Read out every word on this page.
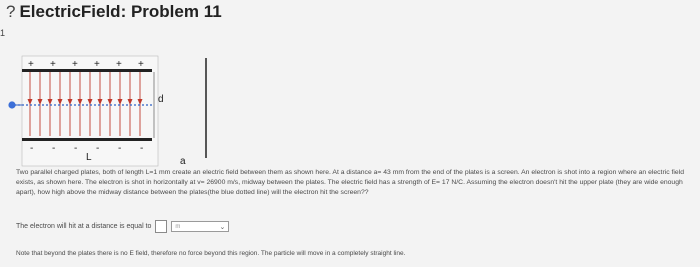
? ElectricField: Problem 11
1
+ + + + + +
- - - - - -
d
L	a
Two parallel charged plates, both of length L=1 mm create an electric field between them as shown here. At a distance a= 43 mm from the end of the plates is a screen. An electron is shot into a region where an electric field exists, as shown here. The electron is shot in horizontally at v= 26900 m/s, midway between the plates. The electric field has a strength of E= 17 N/C. Assuming the electron doesn't hit the upper plate (they are wide enough apart), how high above the midway distance between the plates(the blue dotted line) will the electron hit the screen??
The electron will hit at a distance is equal to	m	⌄
Note that beyond the plates there is no E field, therefore no force beyond this region. The particle will move in a completely straight line.
